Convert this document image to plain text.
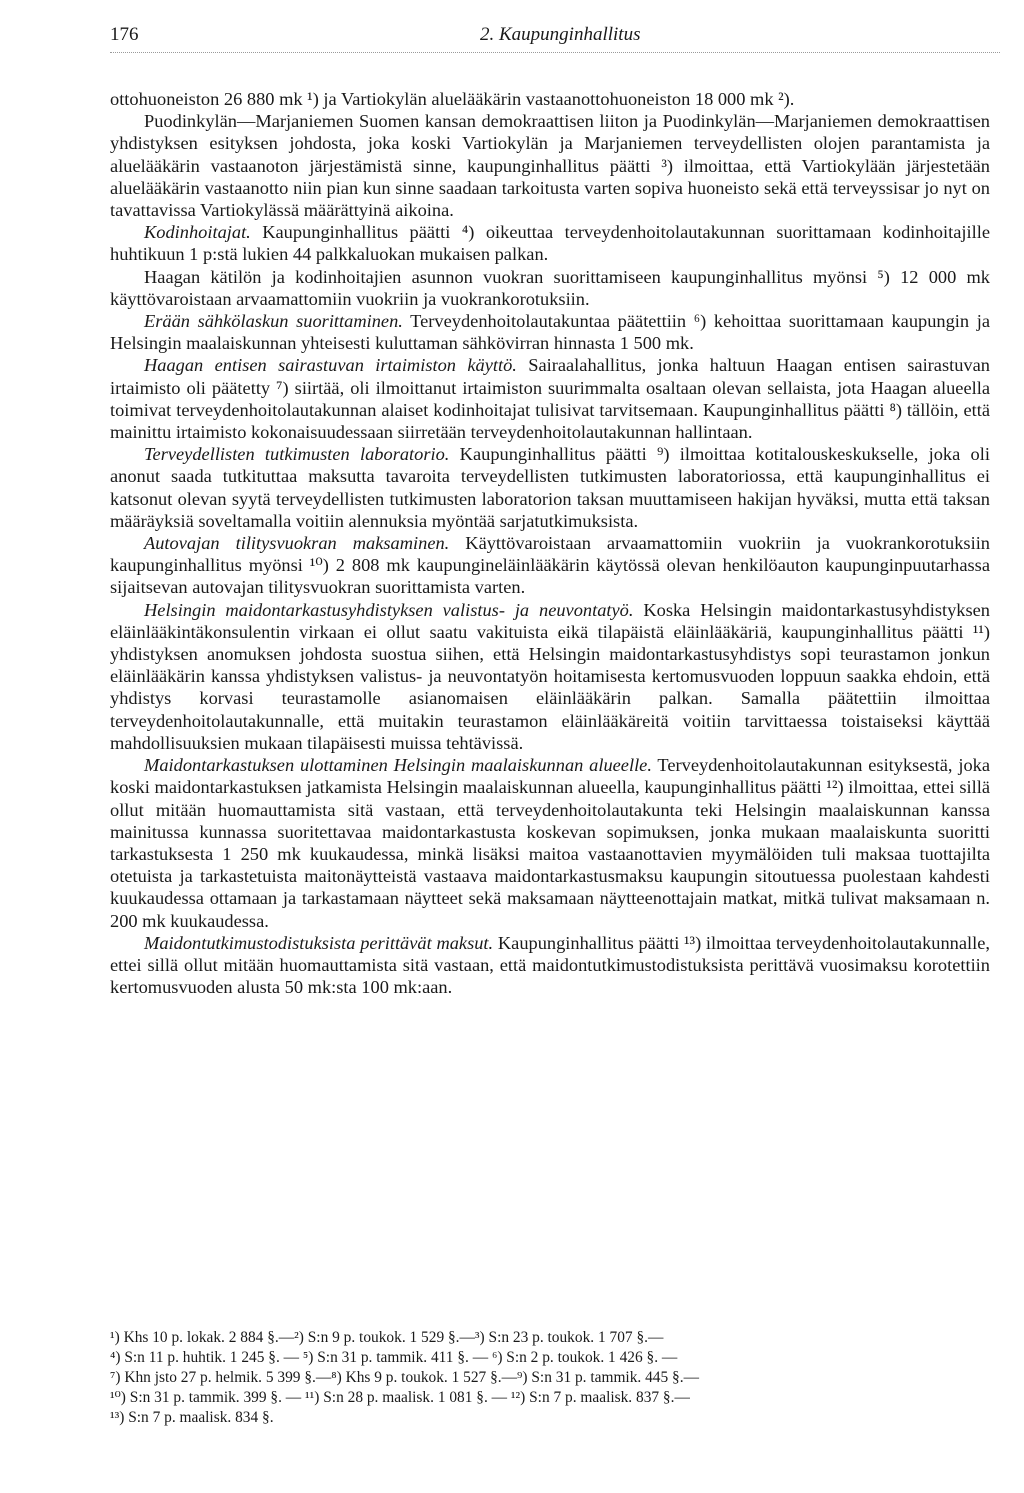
176	2. Kaupunginhallitus

ottohuoneiston 26 880 mk ¹) ja Vartiokylän aluelääkärin vastaanottohuoneiston 18 000 mk ²).

Puodinkylän—Marjaniemen Suomen kansan demokraattisen liiton ja Puodinkylän—Marjaniemen demokraattisen yhdistyksen esityksen johdosta, joka koski Vartiokylän ja Marjaniemen terveydellisten olojen parantamista ja aluelääkärin vastaanoton järjestämistä sinne, kaupunginhallitus päätti ³) ilmoittaa, että Vartiokylään järjestetään aluelääkärin vastaanotto niin pian kun sinne saadaan tarkoitusta varten sopiva huoneisto sekä että terveyssisar jo nyt on tavattavissa Vartiokylässä määrättyinä aikoina.

Kodinhoitajat. Kaupunginhallitus päätti ⁴) oikeuttaa terveydenhoitolautakunnan suorittamaan kodinhoitajille huhtikuun 1 p:stä lukien 44 palkkaluokan mukaisen palkan.

Haagan kätilön ja kodinhoitajien asunnon vuokran suorittamiseen kaupunginhallitus myönsi ⁵) 12 000 mk käyttövaroistaan arvaamattomiin vuokriin ja vuokrankorotuksiin.

Erään sähkölaskun suorittaminen. Terveydenhoitolautakuntaa päätettiin ⁶) kehoittaa suorittamaan kaupungin ja Helsingin maalaiskunnan yhteisesti kuluttaman sähkövirran hinnasta 1 500 mk.

Haagan entisen sairastuvan irtaimiston käyttö. Sairaalahallitus, jonka haltuun Haagan entisen sairastuvan irtaimisto oli päätetty ⁷) siirtää, oli ilmoittanut irtaimiston suurimmalta osaltaan olevan sellaista, jota Haagan alueella toimivat terveydenhoitolautakunnan alaiset kodinhoitajat tulisivat tarvitsemaan. Kaupunginhallitus päätti ⁸) tällöin, että mainittu irtaimisto kokonaisuudessaan siirretään terveydenhoitolautakunnan hallintaan.

Terveydellisten tutkimusten laboratorio. Kaupunginhallitus päätti ⁹) ilmoittaa kotitalouskeskukselle, joka oli anonut saada tutkituttaa maksutta tavaroita terveydellisten tutkimusten laboratoriossa, että kaupunginhallitus ei katsonut olevan syytä terveydellisten tutkimusten laboratorion taksan muuttamiseen hakijan hyväksi, mutta että taksan määräyksiä soveltamalla voitiin alennuksia myöntää sarjatutkimuksista.

Autovajan tilitysvuokran maksaminen. Käyttövaroistaan arvaamattomiin vuokriin ja vuokrankorotuksiin kaupunginhallitus myönsi ¹⁰) 2 808 mk kaupungineläinlääkärin käytössä olevan henkilöauton kaupunginpuutarhassa sijaitsevan autovajan tilitysvuokran suorittamista varten.

Helsingin maidontarkastusyhdistyksen valistus- ja neuvontatyö. Koska Helsingin maidontarkastusyhdistyksen eläinlääkintäkonsulentin virkaan ei ollut saatu vakituista eikä tilapäistä eläinlääkäriä, kaupunginhallitus päätti ¹¹) yhdistyksen anomuksen johdosta suostua siihen, että Helsingin maidontarkastusyhdistys sopi teurastamon jonkun eläinlääkärin kanssa yhdistyksen valistus- ja neuvontatyön hoitamisesta kertomusvuoden loppuun saakka ehdoin, että yhdistys korvasi teurastamolle asianomaisen eläinlääkärin palkan. Samalla päätettiin ilmoittaa terveydenhoitolautakunnalle, että muitakin teurastamon eläinlääkäreitä voitiin tarvittaessa toistaiseksi käyttää mahdollisuuksien mukaan tilapäisesti muissa tehtävissä.

Maidontarkastuksen ulottaminen Helsingin maalaiskunnan alueelle. Terveydenhoitolautakunnan esityksestä, joka koski maidontarkastuksen jatkamista Helsingin maalaiskunnan alueella, kaupunginhallitus päätti ¹²) ilmoittaa, ettei sillä ollut mitään huomauttamista sitä vastaan, että terveydenhoitolautakunta teki Helsingin maalaiskunnan kanssa mainitussa kunnassa suoritettavaa maidontarkastusta koskevan sopimuksen, jonka mukaan maalaiskunta suoritti tarkastuksesta 1 250 mk kuukaudessa, minkä lisäksi maitoa vastaanottavien myymälöiden tuli maksaa tuottajilta otetuista ja tarkastetuista maitonäytteistä vastaava maidontarkastusmaksu kaupungin sitoutuessa puolestaan kahdesti kuukaudessa ottamaan ja tarkastamaan näytteet sekä maksamaan näytteenottajain matkat, mitkä tulivat maksamaan n. 200 mk kuukaudessa.

Maidontutkimustodistuksista perittävät maksut. Kaupunginhallitus päätti ¹³) ilmoittaa terveydenhoitolautakunnalle, ettei sillä ollut mitään huomauttamista sitä vastaan, että maidontutkimustodistuksista perittävä vuosimaksu korotettiin kertomusvuoden alusta 50 mk:sta 100 mk:aan.

¹) Khs 10 p. lokak. 2 884 §.—²) S:n 9 p. toukok. 1 529 §.—³) S:n 23 p. toukok. 1 707 §.—

⁴) S:n 11 p. huhtik. 1 245 §. — ⁵) S:n 31 p. tammik. 411 §. — ⁶) S:n 2 p. toukok. 1 426 §. —

⁷) Khn jsto 27 p. helmik. 5 399 §.—⁸) Khs 9 p. toukok. 1 527 §.—⁹) S:n 31 p. tammik. 445 §.—

¹⁰) S:n 31 p. tammik. 399 §. — ¹¹) S:n 28 p. maalisk. 1 081 §. — ¹²) S:n 7 p. maalisk. 837 §.—

¹³) S:n 7 p. maalisk. 834 §.
